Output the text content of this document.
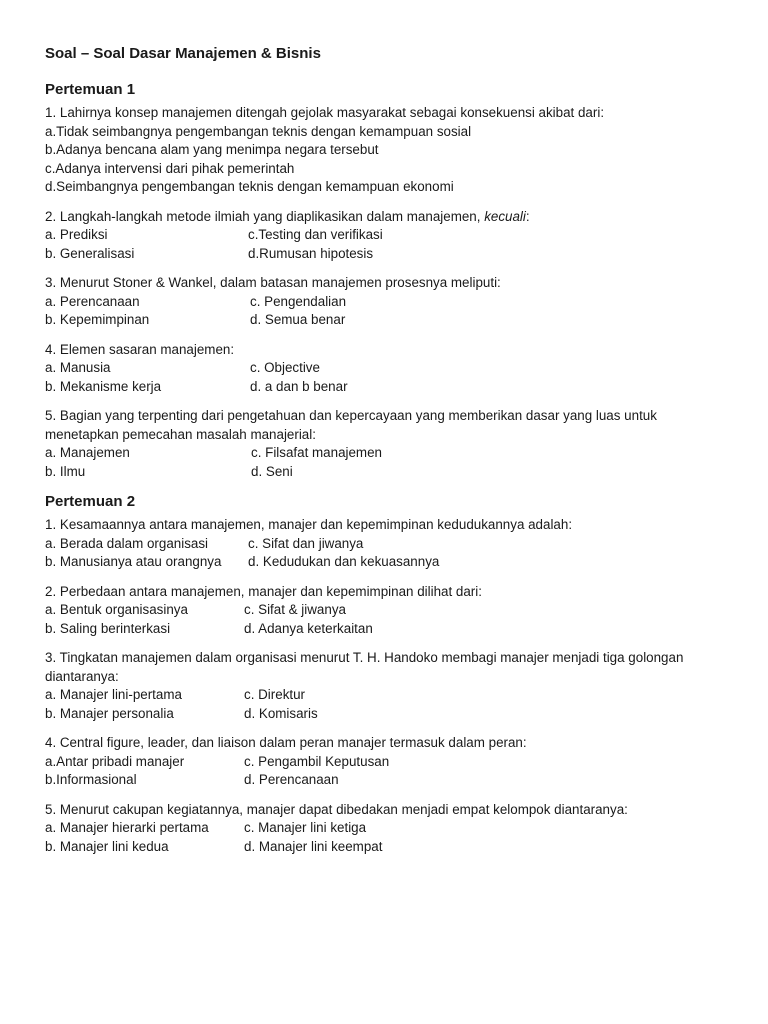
Soal – Soal Dasar Manajemen & Bisnis
Pertemuan 1

1. Lahirnya konsep manajemen ditengah gejolak masyarakat sebagai konsekuensi akibat dari:

a.Tidak seimbangnya pengembangan teknis dengan kemampuan sosial

b.Adanya bencana alam yang menimpa negara tersebut

c.Adanya intervensi dari pihak pemerintah

d.Seimbangnya pengembangan teknis dengan kemampuan ekonomi

2. Langkah-langkah metode ilmiah yang diaplikasikan dalam manajemen, kecuali:

a. Prediksi	c.Testing dan verifikasi
b. Generalisasi	d.Rumusan hipotesis

3. Menurut Stoner & Wankel, dalam batasan manajemen prosesnya meliputi:

a. Perencanaan	c. Pengendalian
b. Kepemimpinan	d. Semua benar

4. Elemen sasaran manajemen:

a. Manusia	c. Objective
b. Mekanisme kerja	d. a dan b benar

5. Bagian yang terpenting dari pengetahuan dan kepercayaan yang memberikan dasar yang luas untuk

menetapkan pemecahan masalah manajerial:

a. Manajemen	c. Filsafat manajemen
b. Ilmu	d. Seni
Pertemuan 2

1. Kesamaannya antara manajemen, manajer dan kepemimpinan kedudukannya adalah:

a. Berada dalam organisasi	c. Sifat dan jiwanya
b. Manusianya atau orangnya	d. Kedudukan dan kekuasannya

2. Perbedaan antara manajemen, manajer dan kepemimpinan dilihat dari:

a. Bentuk organisasinya	c. Sifat & jiwanya
b. Saling berinterkasi	d. Adanya keterkaitan

3. Tingkatan manajemen dalam organisasi menurut T. H. Handoko membagi manajer menjadi tiga golongan

diantaranya:

a. Manajer lini-pertama	c. Direktur
b. Manajer personalia	d. Komisaris

4. Central figure, leader, dan liaison dalam peran manajer termasuk dalam peran:

a.Antar pribadi manajer	c. Pengambil Keputusan
b.Informasional	d. Perencanaan

5. Menurut cakupan kegiatannya, manajer dapat dibedakan menjadi empat kelompok diantaranya:

a. Manajer hierarki pertama	c. Manajer lini ketiga
b. Manajer lini kedua	d. Manajer lini keempat
